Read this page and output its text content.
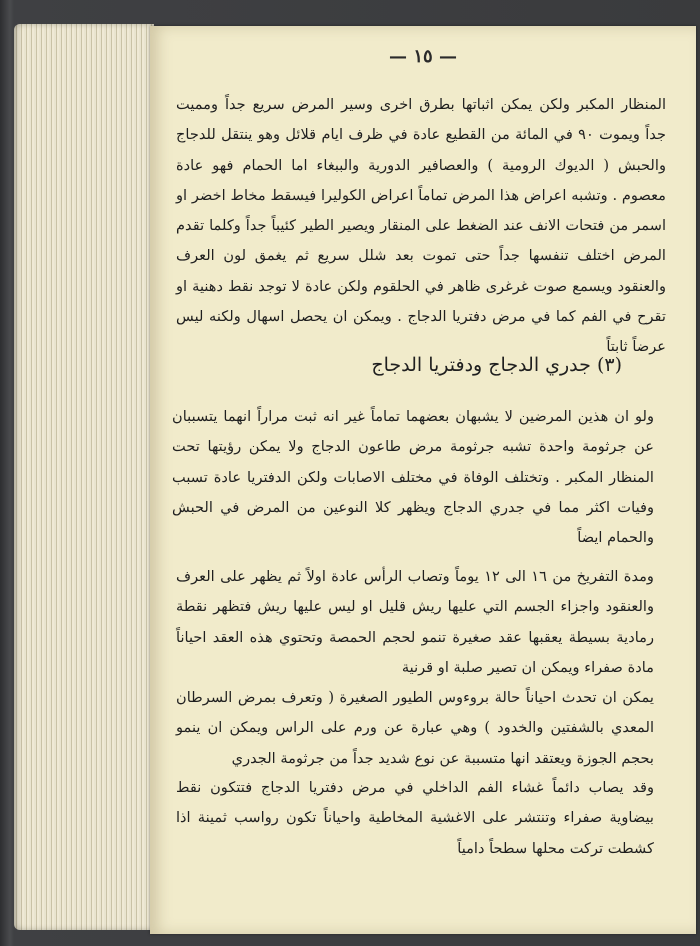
— ١٥ —

المنظار المكبر ولكن يمكن اثباتها بطرق اخرى وسير المرض سريع جداً ومميت جداً ويموت ٩٠ في المائة من القطيع عادة في ظرف ايام قلائل وهو ينتقل للدجاج والحبش ( الديوك الرومية ) والعصافير الدورية والببغاء اما الحمام فهو عادة معصوم . وتشبه اعراض هذا المرض تماماً اعراض الكوليرا فيسقط مخاط اخضر او اسمر من فتحات الانف عند الضغط على المنقار ويصير الطير كئيباً جداً وكلما تقدم المرض اختلف تنفسها جداً حتى تموت بعد شلل سريع ثم يغمق لون العرف والعنقود ويسمع صوت غرغرى ظاهر في الحلقوم ولكن عادة لا توجد نقط دهنية او تقرح في الفم كما في مرض دفتريا الدجاج . ويمكن ان يحصل اسهال ولكنه ليس عرضاً ثابتاً

(٣) جدري الدجاج ودفتريا الدجاج

ولو ان هذين المرضين لا يشبهان بعضهما تماماً غير انه ثبت مراراً انهما يتسببان عن جرثومة واحدة تشبه جرثومة مرض طاعون الدجاج ولا يمكن رؤيتها تحت المنظار المكبر . وتختلف الوفاة في مختلف الاصابات ولكن الدفتريا عادة تسبب وفيات اكثر مما في جدري الدجاج ويظهر كلا النوعين من المرض في الحبش والحمام ايضاً

ومدة التفريخ من ١٦ الى ١٢ يوماً وتصاب الرأس عادة اولاً ثم يظهر على العرف والعنقود واجزاء الجسم التي عليها ريش قليل او ليس عليها ريش فتظهر نقطة رمادية بسيطة يعقبها عقد صغيرة تنمو لحجم الحمصة وتحتوي هذه العقد احياناً مادة صفراء ويمكن ان تصير صلبة او قرنية

يمكن ان تحدث احياناً حالة بروءوس الطيور الصغيرة ( وتعرف بمرض السرطان المعدي بالشفتين والخدود ) وهي عبارة عن ورم على الراس ويمكن ان ينمو بحجم الجوزة ويعتقد انها متسببة عن نوع شديد جداً من جرثومة الجدري

وقد يصاب دائماً غشاء الفم الداخلي في مرض دفتريا الدجاج فتتكون نقط بيضاوية صفراء وتنتشر على الاغشية المخاطية واحياناً تكون رواسب ثمينة اذا كشطت تركت محلها سطحاً دامياً
